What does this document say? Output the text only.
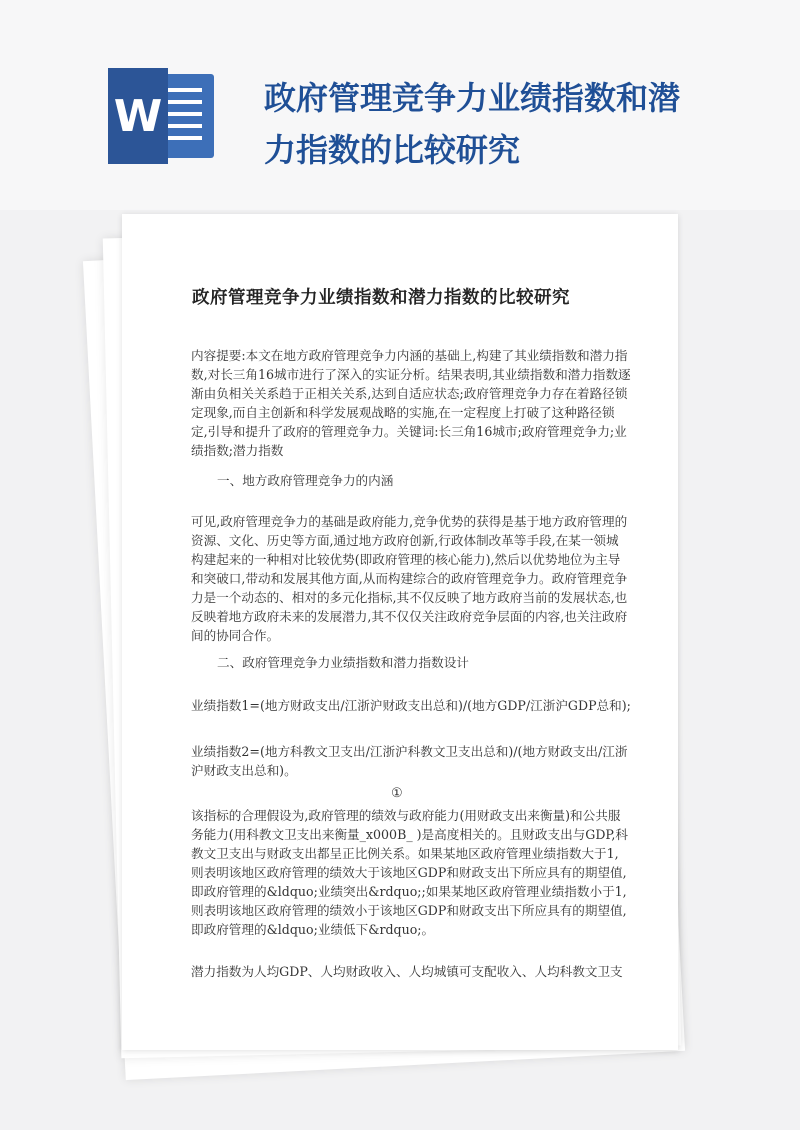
W	政府管理竞争力业绩指数和潜力指数的比较研究
政府管理竞争力业绩指数和潜力指数的比较研究

内容提要:本文在地方政府管理竞争力内涵的基础上,构建了其业绩指数和潜力指数,对长三角16城市进行了深入的实证分析。结果表明,其业绩指数和潜力指数逐渐由负相关关系趋于正相关关系,达到自适应状态;政府管理竞争力存在着路径锁定现象,而自主创新和科学发展观战略的实施,在一定程度上打破了这种路径锁定,引导和提升了政府的管理竞争力。关键词:长三角16城市;政府管理竞争力;业绩指数;潜力指数

一、地方政府管理竞争力的内涵

可见,政府管理竞争力的基础是政府能力,竞争优势的获得是基于地方政府管理的资源、文化、历史等方面,通过地方政府创新,行政体制改革等手段,在某一领城构建起来的一种相对比较优势(即政府管理的核心能力),然后以优势地位为主导和突破口,带动和发展其他方面,从而构建综合的政府管理竞争力。政府管理竞争力是一个动态的、相对的多元化指标,其不仅反映了地方政府当前的发展状态,也反映着地方政府未来的发展潜力,其不仅仅关注政府竞争层面的内容,也关注政府间的协同合作。

二、政府管理竞争力业绩指数和潜力指数设计

业绩指数1=(地方财政支出/江浙沪财政支出总和)/(地方GDP/江浙沪GDP总和);

业绩指数2=(地方科教文卫支出/江浙沪科教文卫支出总和)/(地方财政支出/江浙沪财政支出总和)。

①

该指标的合理假设为,政府管理的绩效与政府能力(用财政支出来衡量)和公共服务能力(用科教文卫支出来衡量_x000B_ )是高度相关的。且财政支出与GDP,科教文卫支出与财政支出都呈正比例关系。如果某地区政府管理业绩指数大于1,则表明该地区政府管理的绩效大于该地区GDP和财政支出下所应具有的期望值,即政府管理的&ldquo;业绩突出&rdquo;;如果某地区政府管理业绩指数小于1,则表明该地区政府管理的绩效小于该地区GDP和财政支出下所应具有的期望值,即政府管理的&ldquo;业绩低下&rdquo;。

潜力指数为人均GDP、人均财政收入、人均城镇可支配收入、人均科教文卫支
